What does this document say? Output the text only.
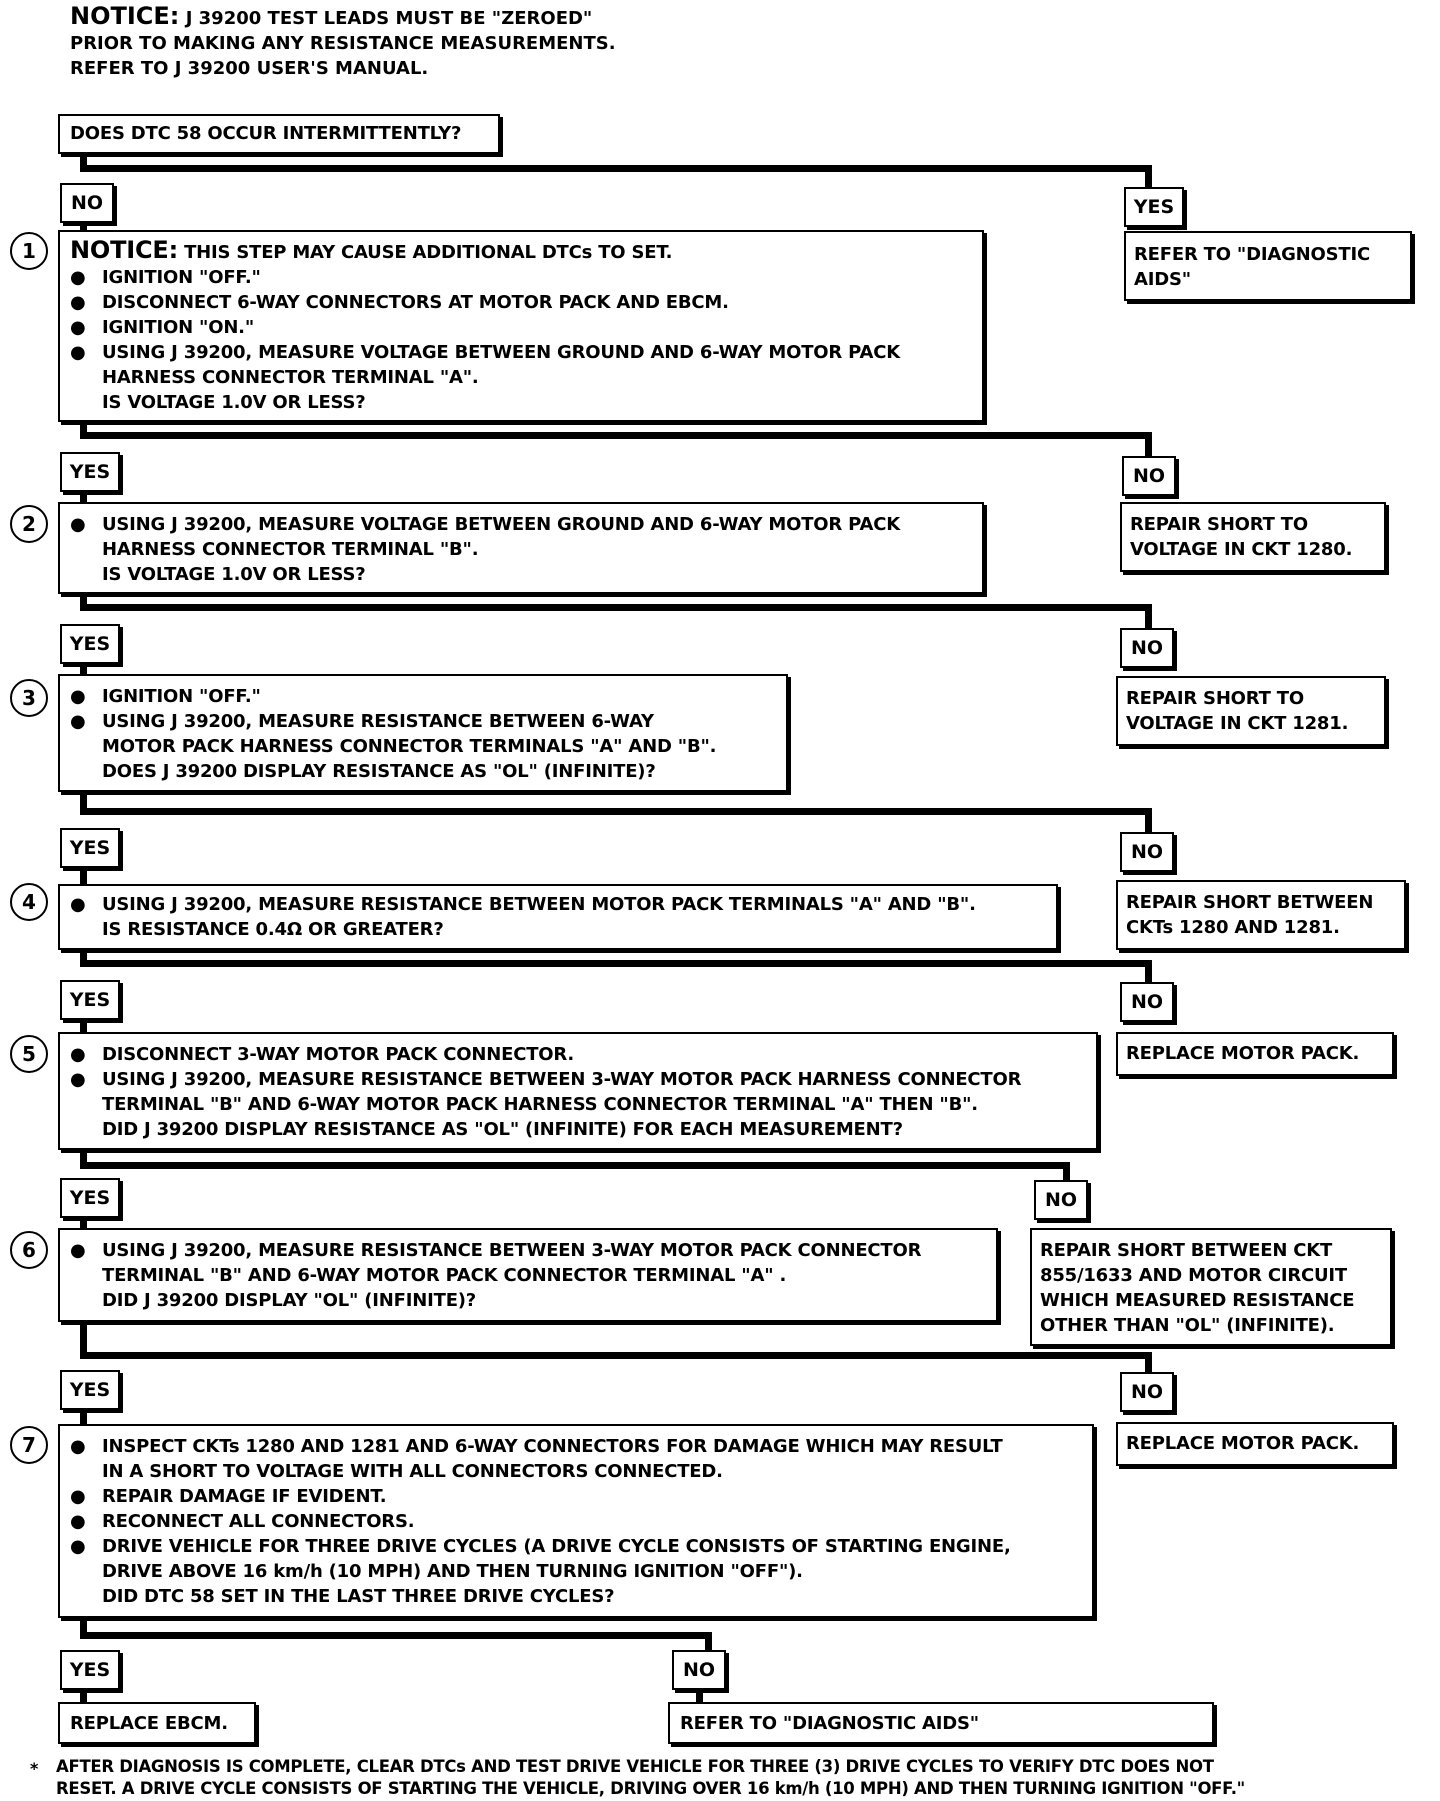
NOTICE: J 39200 TEST LEADS MUST BE "ZEROED"
PRIOR TO MAKING ANY RESISTANCE MEASUREMENTS.
REFER TO J 39200 USER'S MANUAL.
DOES DTC 58 OCCUR INTERMITTENTLY?
NO	YES
REFER TO "DIAGNOSTIC
AIDS"
1	NOTICE: THIS STEP MAY CAUSE ADDITIONAL DTCs TO SET.
● IGNITION "OFF."
● DISCONNECT 6-WAY CONNECTORS AT MOTOR PACK AND EBCM.
● IGNITION "ON."
● USING J 39200, MEASURE VOLTAGE BETWEEN GROUND AND 6-WAY MOTOR PACK
HARNESS CONNECTOR TERMINAL "A".
IS VOLTAGE 1.0V OR LESS?
YES	NO
REPAIR SHORT TO
VOLTAGE IN CKT 1280.
2	● USING J 39200, MEASURE VOLTAGE BETWEEN GROUND AND 6-WAY MOTOR PACK
HARNESS CONNECTOR TERMINAL "B".
IS VOLTAGE 1.0V OR LESS?
YES	NO
REPAIR SHORT TO
VOLTAGE IN CKT 1281.
3	● IGNITION "OFF."
● USING J 39200, MEASURE RESISTANCE BETWEEN 6-WAY
MOTOR PACK HARNESS CONNECTOR TERMINALS "A" AND "B".
DOES J 39200 DISPLAY RESISTANCE AS "OL" (INFINITE)?
YES	NO
REPAIR SHORT BETWEEN
CKTs 1280 AND 1281.
4	● USING J 39200, MEASURE RESISTANCE BETWEEN MOTOR PACK TERMINALS "A" AND "B".
IS RESISTANCE 0.4Ω OR GREATER?
YES	NO
REPLACE MOTOR PACK.
5	● DISCONNECT 3-WAY MOTOR PACK CONNECTOR.
● USING J 39200, MEASURE RESISTANCE BETWEEN 3-WAY MOTOR PACK HARNESS CONNECTOR
TERMINAL "B" AND 6-WAY MOTOR PACK HARNESS CONNECTOR TERMINAL "A" THEN "B".
DID J 39200 DISPLAY RESISTANCE AS "OL" (INFINITE) FOR EACH MEASUREMENT?
YES	NO
REPAIR SHORT BETWEEN CKT
855/1633 AND MOTOR CIRCUIT
WHICH MEASURED RESISTANCE
OTHER THAN "OL" (INFINITE).
6	● USING J 39200, MEASURE RESISTANCE BETWEEN 3-WAY MOTOR PACK CONNECTOR
TERMINAL "B" AND 6-WAY MOTOR PACK CONNECTOR TERMINAL "A" .
DID J 39200 DISPLAY "OL" (INFINITE)?
YES	NO
REPLACE MOTOR PACK.
7	● INSPECT CKTs 1280 AND 1281 AND 6-WAY CONNECTORS FOR DAMAGE WHICH MAY RESULT
IN A SHORT TO VOLTAGE WITH ALL CONNECTORS CONNECTED.
● REPAIR DAMAGE IF EVIDENT.
● RECONNECT ALL CONNECTORS.
● DRIVE VEHICLE FOR THREE DRIVE CYCLES (A DRIVE CYCLE CONSISTS OF STARTING ENGINE,
DRIVE ABOVE 16 km/h (10 MPH) AND THEN TURNING IGNITION "OFF").
DID DTC 58 SET IN THE LAST THREE DRIVE CYCLES?
YES	NO
REPLACE EBCM.	REFER TO "DIAGNOSTIC AIDS"
* AFTER DIAGNOSIS IS COMPLETE, CLEAR DTCs AND TEST DRIVE VEHICLE FOR THREE (3) DRIVE CYCLES TO VERIFY DTC DOES NOT
RESET. A DRIVE CYCLE CONSISTS OF STARTING THE VEHICLE, DRIVING OVER 16 km/h (10 MPH) AND THEN TURNING IGNITION "OFF."
